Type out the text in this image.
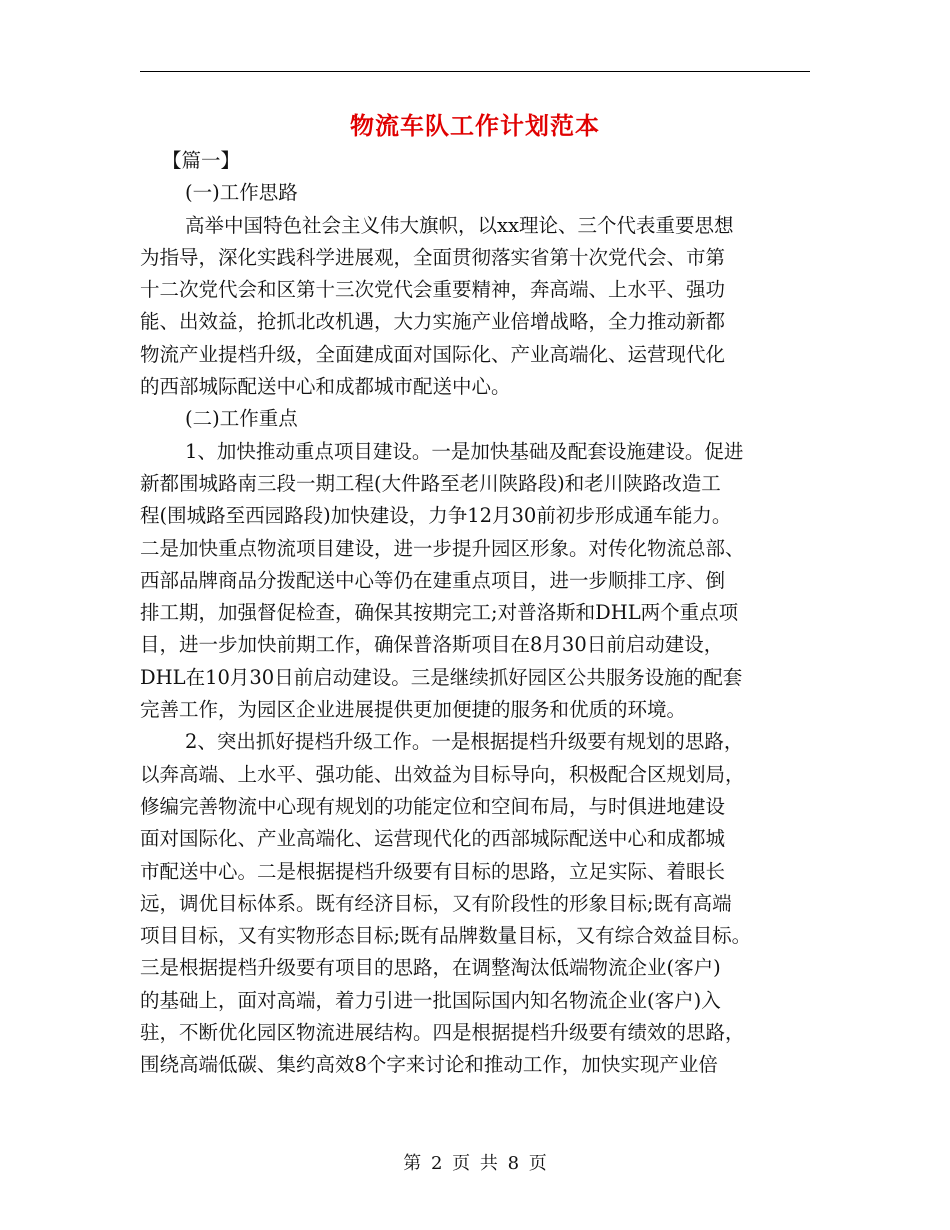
物流车队工作计划范本

【篇一】

(一)工作思路

高举中国特色社会主义伟大旗帜，以xx理论、三个代表重要思想
为指导，深化实践科学进展观，全面贯彻落实省第十次党代会、市第
十二次党代会和区第十三次党代会重要精神，奔高端、上水平、强功
能、出效益，抢抓北改机遇，大力实施产业倍增战略，全力推动新都
物流产业提档升级，全面建成面对国际化、产业高端化、运营现代化
的西部城际配送中心和成都城市配送中心。

(二)工作重点

1、加快推动重点项目建设。一是加快基础及配套设施建设。促进
新都围城路南三段一期工程(大件路至老川陕路段)和老川陕路改造工
程(围城路至西园路段)加快建设，力争12月30前初步形成通车能力。
二是加快重点物流项目建设，进一步提升园区形象。对传化物流总部、
西部品牌商品分拨配送中心等仍在建重点项目，进一步顺排工序、倒
排工期，加强督促检查，确保其按期完工;对普洛斯和DHL两个重点项
目，进一步加快前期工作，确保普洛斯项目在8月30日前启动建设，
DHL在10月30日前启动建设。三是继续抓好园区公共服务设施的配套
完善工作，为园区企业进展提供更加便捷的服务和优质的环境。

2、突出抓好提档升级工作。一是根据提档升级要有规划的思路，
以奔高端、上水平、强功能、出效益为目标导向，积极配合区规划局，
修编完善物流中心现有规划的功能定位和空间布局，与时俱进地建设
面对国际化、产业高端化、运营现代化的西部城际配送中心和成都城
市配送中心。二是根据提档升级要有目标的思路，立足实际、着眼长
远，调优目标体系。既有经济目标，又有阶段性的形象目标;既有高端
项目目标，又有实物形态目标;既有品牌数量目标，又有综合效益目标。
三是根据提档升级要有项目的思路，在调整淘汰低端物流企业(客户)
的基础上，面对高端，着力引进一批国际国内知名物流企业(客户)入
驻，不断优化园区物流进展结构。四是根据提档升级要有绩效的思路，
围绕高端低碳、集约高效8个字来讨论和推动工作，加快实现产业倍

第 2 页 共 8 页
